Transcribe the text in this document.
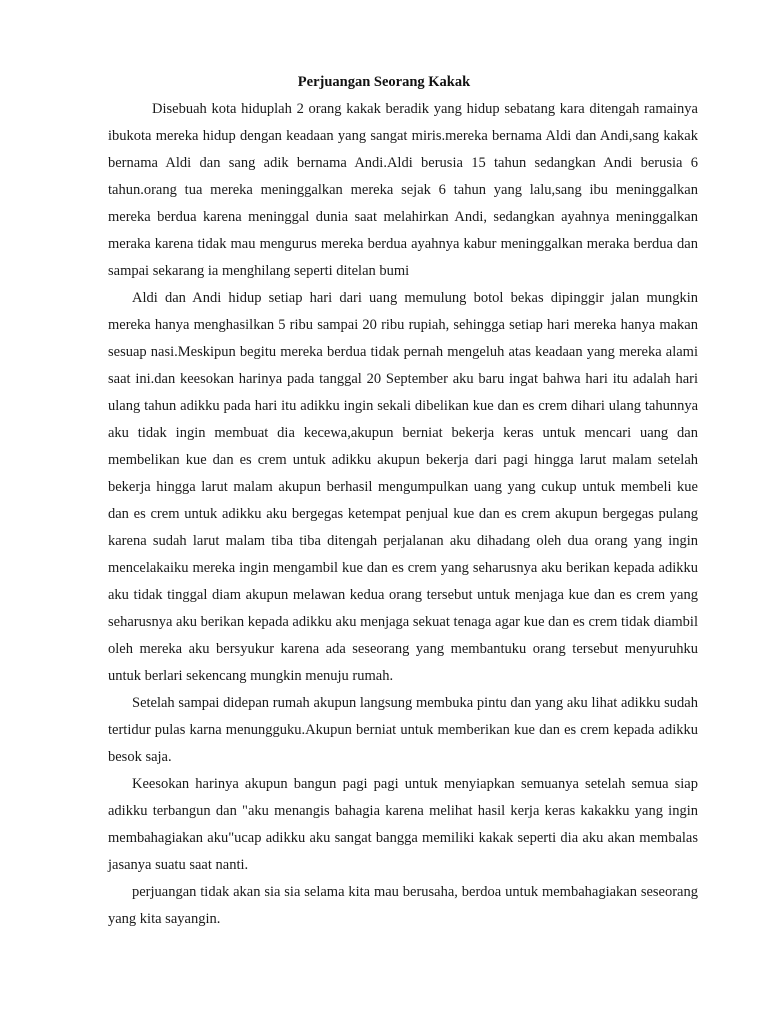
Perjuangan Seorang Kakak

Disebuah kota hiduplah 2 orang kakak beradik yang hidup sebatang kara ditengah ramainya ibukota mereka hidup dengan keadaan yang sangat miris.mereka bernama Aldi dan Andi,sang kakak bernama Aldi dan sang adik bernama Andi.Aldi berusia 15 tahun sedangkan Andi berusia 6 tahun.orang tua mereka meninggalkan mereka sejak 6 tahun yang lalu,sang ibu meninggalkan mereka berdua karena meninggal dunia saat melahirkan Andi, sedangkan ayahnya meninggalkan meraka karena tidak mau mengurus mereka berdua ayahnya kabur meninggalkan meraka berdua dan sampai sekarang ia menghilang seperti ditelan bumi

Aldi dan Andi hidup setiap hari dari uang memulung botol bekas dipinggir jalan mungkin mereka hanya menghasilkan 5 ribu sampai 20 ribu rupiah, sehingga setiap hari mereka hanya makan sesuap nasi.Meskipun begitu mereka berdua tidak pernah mengeluh atas keadaan yang mereka alami saat ini.dan keesokan harinya pada tanggal 20 September aku baru ingat bahwa hari itu adalah hari ulang tahun adikku pada hari itu adikku ingin sekali dibelikan kue dan es crem dihari ulang tahunnya aku tidak ingin membuat dia kecewa,akupun berniat bekerja keras untuk mencari uang dan membelikan kue dan es crem untuk adikku akupun bekerja dari pagi hingga larut malam setelah bekerja hingga larut malam akupun berhasil mengumpulkan uang yang cukup untuk membeli kue dan es crem untuk adikku aku bergegas ketempat penjual kue dan es crem akupun bergegas pulang karena sudah larut malam tiba tiba ditengah perjalanan aku dihadang oleh dua orang yang ingin mencelakaiku mereka ingin mengambil kue dan es crem yang seharusnya aku berikan kepada adikku aku tidak tinggal diam akupun melawan kedua orang tersebut untuk menjaga kue dan es crem yang seharusnya aku berikan kepada adikku aku menjaga sekuat tenaga agar kue dan es crem tidak diambil oleh mereka aku bersyukur karena ada seseorang yang membantuku orang tersebut menyuruhku untuk berlari sekencang mungkin menuju rumah.

Setelah sampai didepan rumah akupun langsung membuka pintu dan yang aku lihat adikku sudah tertidur pulas karna menungguku.Akupun berniat untuk memberikan kue dan es crem kepada adikku besok saja.

Keesokan harinya akupun bangun pagi pagi untuk menyiapkan semuanya setelah semua siap adikku terbangun dan "aku menangis bahagia karena melihat hasil kerja keras kakakku yang ingin membahagiakan aku"ucap adikku aku sangat bangga memiliki kakak seperti dia aku akan membalas jasanya suatu saat nanti.

perjuangan tidak akan sia sia selama kita mau berusaha, berdoa untuk membahagiakan seseorang yang kita sayangin.
